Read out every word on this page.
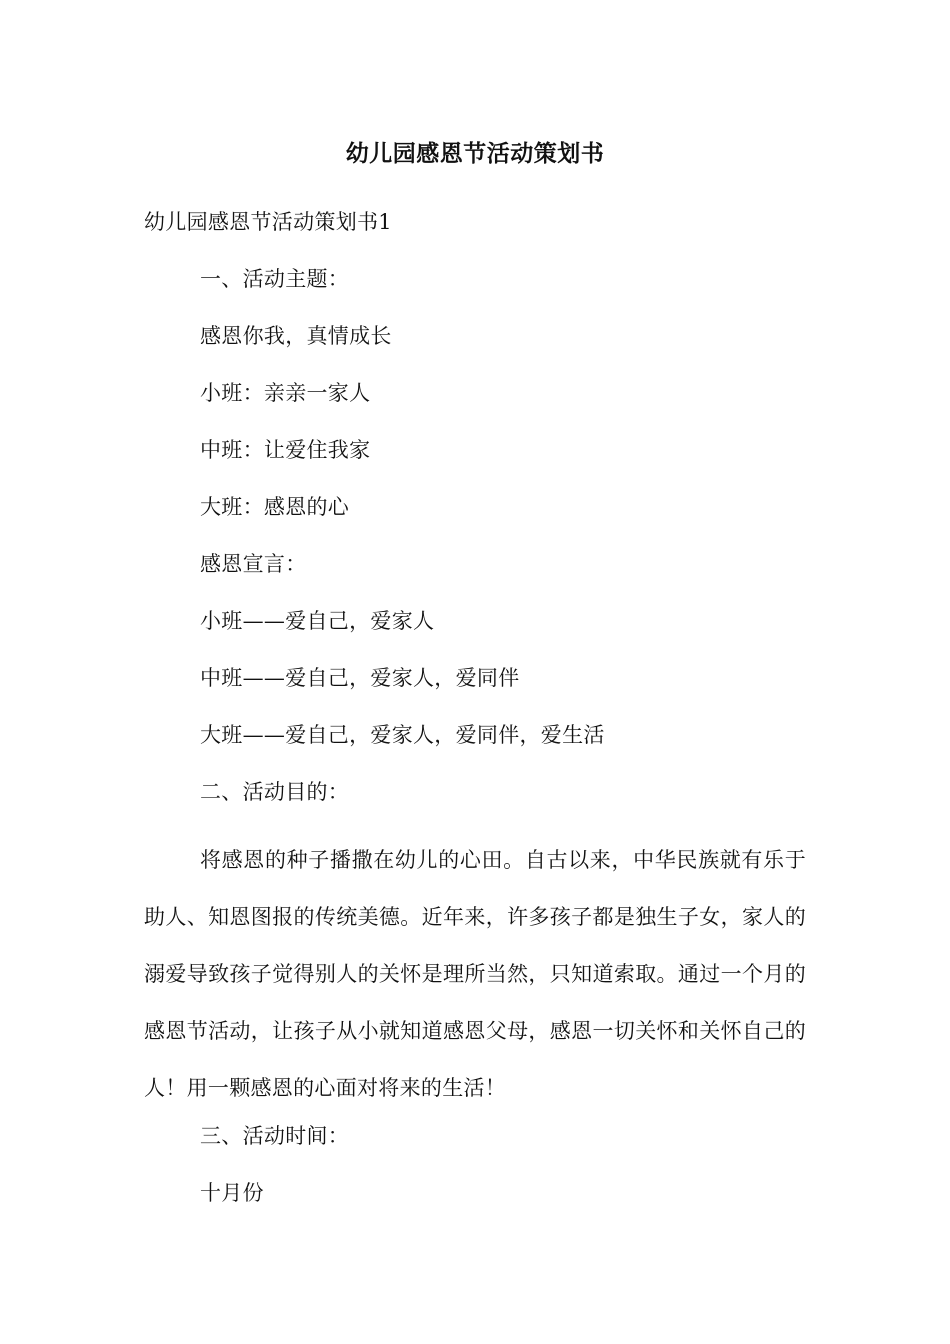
幼儿园感恩节活动策划书
幼儿园感恩节活动策划书1
一、活动主题：
感恩你我，真情成长
小班：亲亲一家人
中班：让爱住我家
大班：感恩的心
感恩宣言：
小班——爱自己，爱家人
中班——爱自己，爱家人，爱同伴
大班——爱自己，爱家人，爱同伴，爱生活
二、活动目的：
将感恩的种子播撒在幼儿的心田。自古以来，中华民族就有乐于助人、知恩图报的传统美德。近年来，许多孩子都是独生子女，家人的溺爱导致孩子觉得别人的关怀是理所当然，只知道索取。通过一个月的感恩节活动，让孩子从小就知道感恩父母，感恩一切关怀和关怀自己的人！用一颗感恩的心面对将来的生活！
三、活动时间：
十月份
